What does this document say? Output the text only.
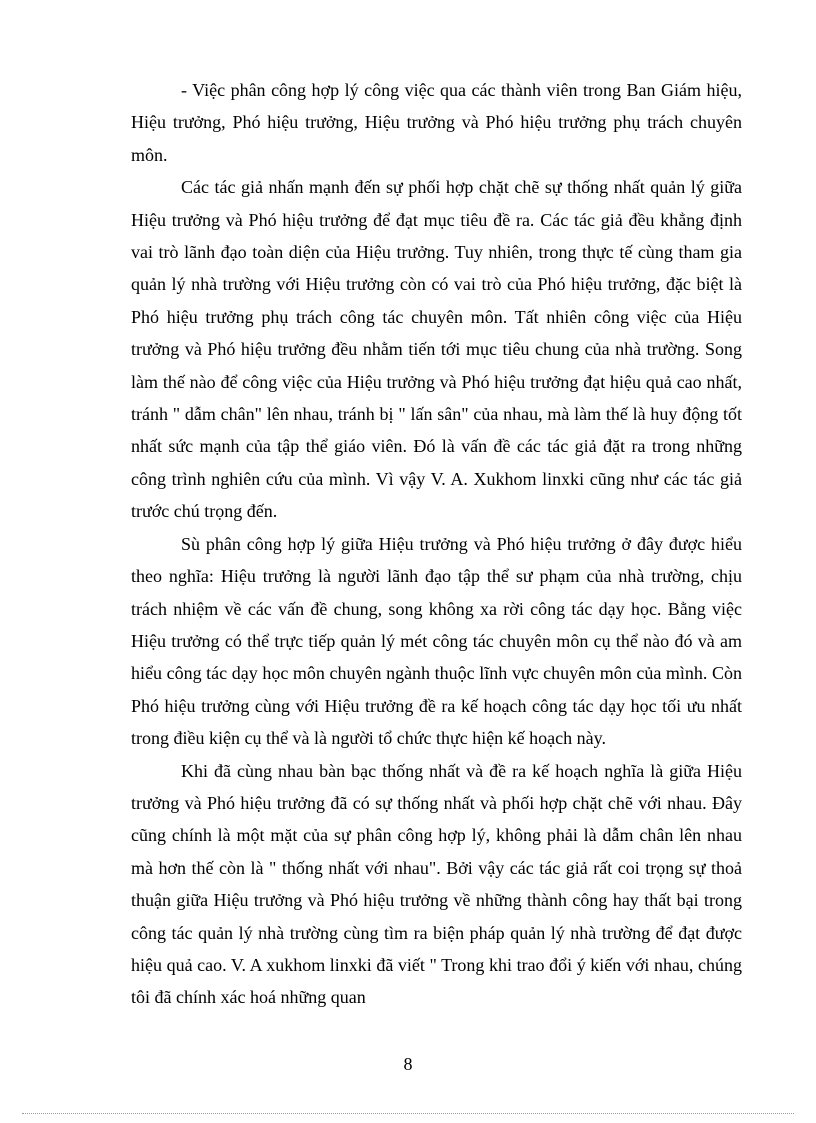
- Việc phân công hợp lý công việc qua các thành viên trong Ban Giám hiệu, Hiệu trưởng, Phó hiệu trưởng, Hiệu trưởng và Phó hiệu trưởng phụ trách chuyên môn.

Các tác giả nhấn mạnh đến sự phối hợp chặt chẽ sự thống nhất quản lý giữa Hiệu trưởng và Phó hiệu trưởng để đạt mục tiêu đề ra. Các tác giả đều khẳng định vai trò lãnh đạo toàn diện của Hiệu trưởng. Tuy nhiên, trong thực tế cùng tham gia quản lý nhà trường với Hiệu trưởng còn có vai trò của Phó hiệu trưởng, đặc biệt là Phó hiệu trưởng phụ trách công tác chuyên môn. Tất nhiên công việc của Hiệu trưởng và Phó hiệu trưởng đều nhằm tiến tới mục tiêu chung của nhà trường. Song làm thế nào để công việc của Hiệu trưởng và Phó hiệu trưởng đạt hiệu quả cao nhất, tránh " dẫm chân" lên nhau, tránh bị " lấn sân" của nhau, mà làm thế là huy động tốt nhất sức mạnh của tập thể giáo viên. Đó là vấn đề các tác giả đặt ra trong những công trình nghiên cứu của mình. Vì vậy V. A. Xukhom linxki cũng như các tác giả trước chú trọng đến.

Sù phân công hợp lý giữa Hiệu trưởng và Phó hiệu trưởng ở đây được hiểu theo nghĩa: Hiệu trưởng là người lãnh đạo tập thể sư phạm của nhà trường, chịu trách nhiệm về các vấn đề chung, song không xa rời công tác dạy học. Bằng việc Hiệu trưởng có thể trực tiếp quản lý mét công tác chuyên môn cụ thể nào đó và am hiểu công tác dạy học môn chuyên ngành thuộc lĩnh vực chuyên môn của mình. Còn Phó hiệu trưởng cùng với Hiệu trưởng đề ra kế hoạch công tác dạy học tối ưu nhất trong điều kiện cụ thể và là người tổ chức thực hiện kế hoạch này.

Khi đã cùng nhau bàn bạc thống nhất và đề ra kế hoạch nghĩa là giữa Hiệu trưởng và Phó hiệu trưởng đã có sự thống nhất và phối hợp chặt chẽ với nhau. Đây cũng chính là một mặt của sự phân công hợp lý, không phải là dẫm chân lên nhau mà hơn thế còn là " thống nhất với nhau". Bởi vậy các tác giả rất coi trọng sự thoả thuận giữa Hiệu trưởng và Phó hiệu trưởng về những thành công hay thất bại trong công tác quản lý nhà trường cùng tìm ra biện pháp quản lý nhà trường để đạt được hiệu quả cao. V. A xukhom linxki đã viết " Trong khi trao đổi ý kiến với nhau, chúng tôi đã chính xác hoá những quan

8
